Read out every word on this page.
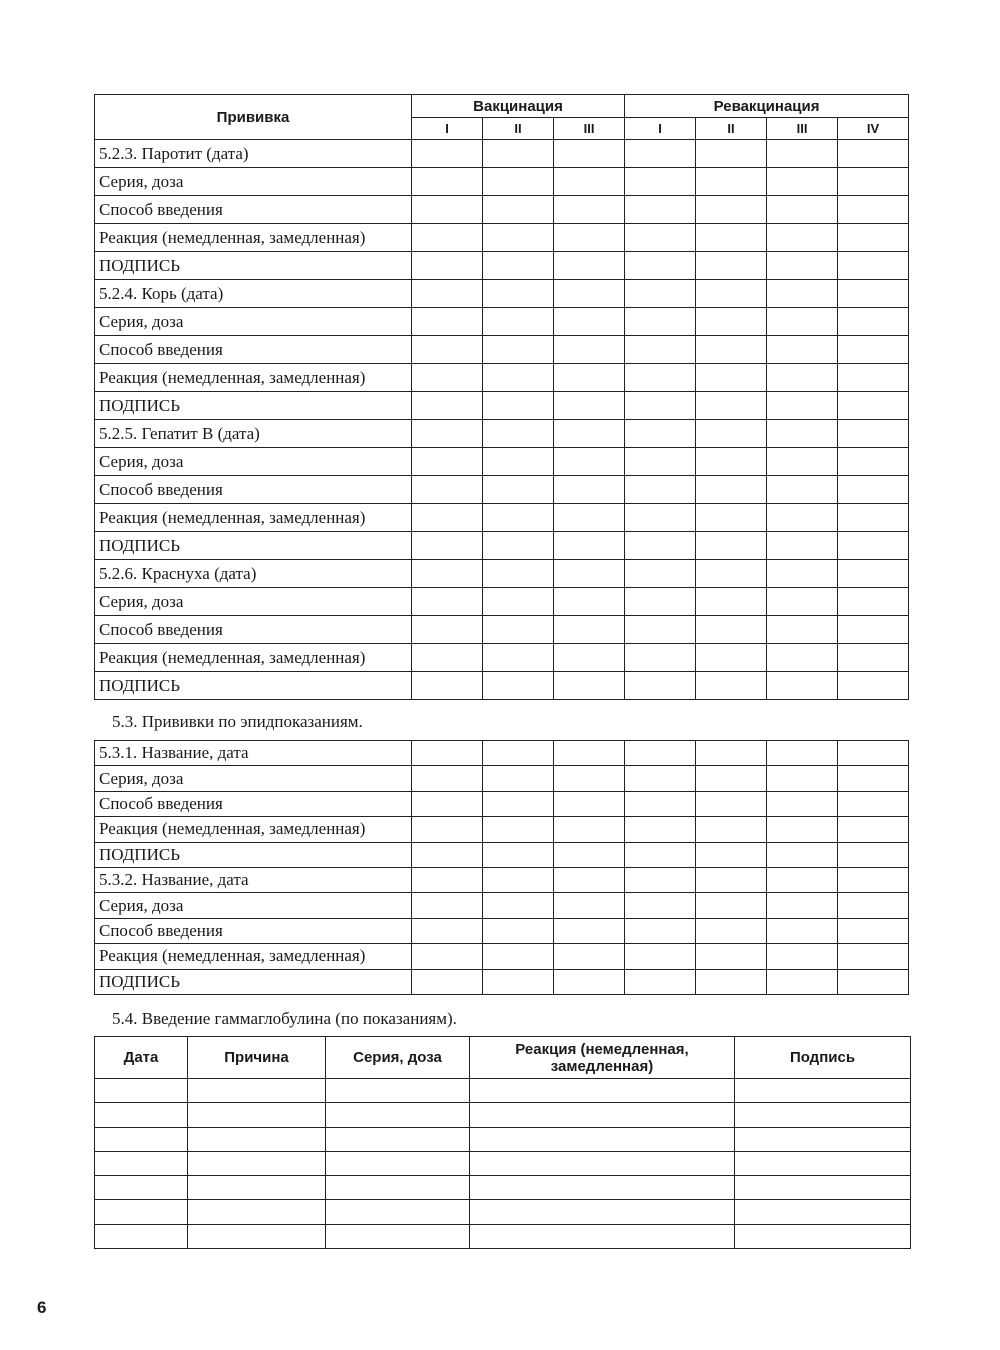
Прививка	Вакцинация			Ревакцинация			
	I	II	III	I	II	III	IV
5.2.3. Паротит (дата)							
Серия, доза							
Способ введения							
Реакция (немедленная, замедленная)							
ПОДПИСЬ							
5.2.4. Корь (дата)							
Серия, доза							
Способ введения							
Реакция (немедленная, замедленная)							
ПОДПИСЬ							
5.2.5. Гепатит В (дата)							
Серия, доза							
Способ введения							
Реакция (немедленная, замедленная)							
ПОДПИСЬ							
5.2.6. Краснуха (дата)							
Серия, доза							
Способ введения							
Реакция (немедленная, замедленная)							
ПОДПИСЬ							
5.3. Прививки по эпидпоказаниям.
5.3.1. Название, дата							
Серия, доза							
Способ введения							
Реакция (немедленная, замедленная)							
ПОДПИСЬ							
5.3.2. Название, дата							
Серия, доза							
Способ введения							
Реакция (немедленная, замедленная)							
ПОДПИСЬ							
5.4. Введение гаммаглобулина (по показаниям).
Дата	Причина	Серия, доза	Реакция (немедленная, замедленная)	Подпись

6
